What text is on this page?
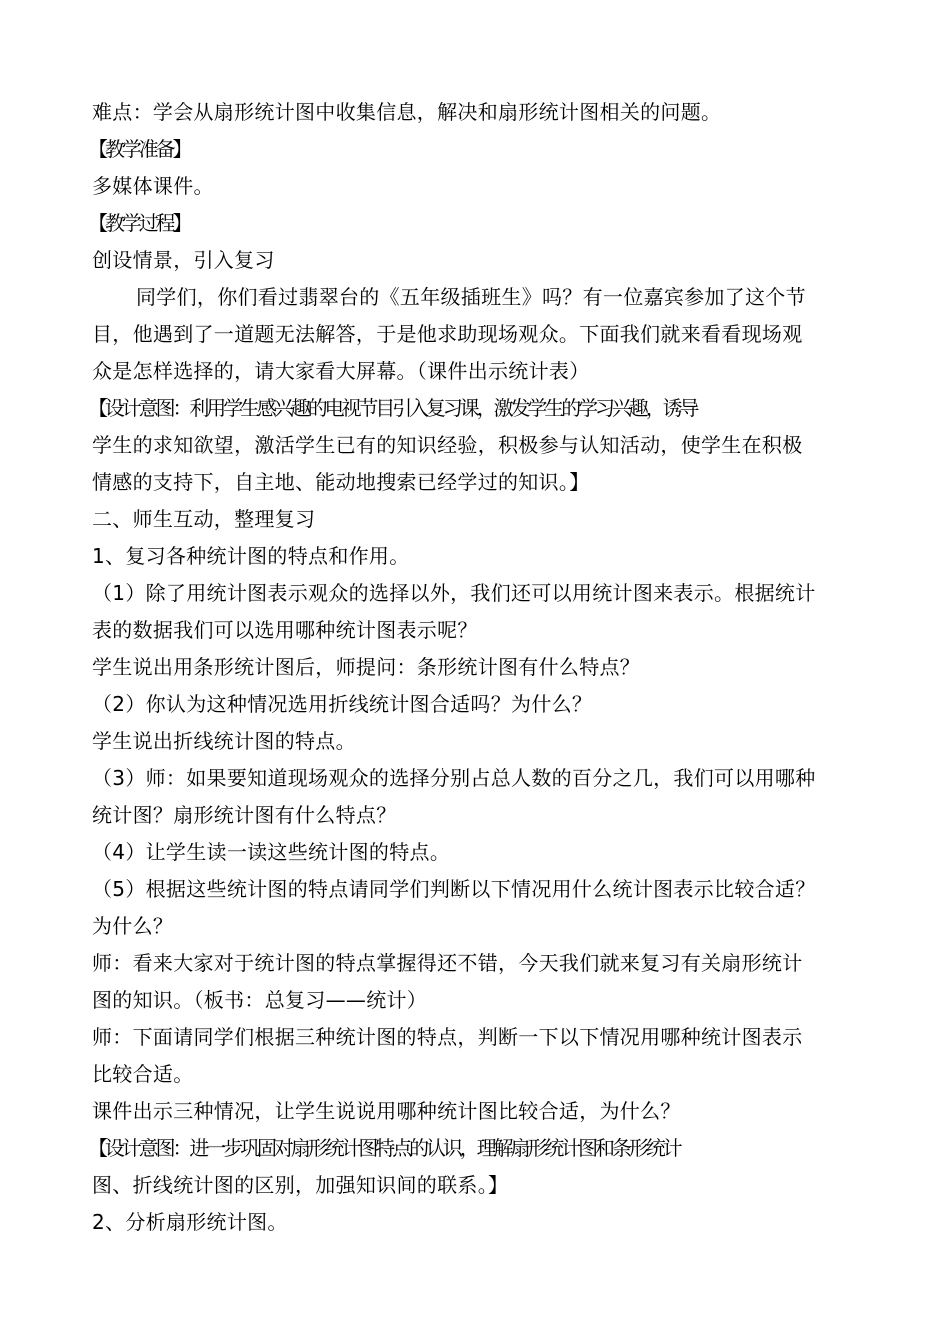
难点：学会从扇形统计图中收集信息，解决和扇形统计图相关的问题。
【教学准备】
多媒体课件。
【教学过程】
创设情景，引入复习
同学们，你们看过翡翠台的《五年级插班生》吗？有一位嘉宾参加了这个节
目，他遇到了一道题无法解答，于是他求助现场观众。下面我们就来看看现场观
众是怎样选择的，请大家看大屏幕。（课件出示统计表）
【设计意图：利用学生感兴趣的电视节目引入复习课，激发学生的学习兴趣，诱导
学生的求知欲望，激活学生已有的知识经验，积极参与认知活动，使学生在积极
情感的支持下，自主地、能动地搜索已经学过的知识。】
二、师生互动，整理复习
1、复习各种统计图的特点和作用。
（1）除了用统计图表示观众的选择以外，我们还可以用统计图来表示。根据统计
表的数据我们可以选用哪种统计图表示呢？
学生说出用条形统计图后，师提问：条形统计图有什么特点？
（2）你认为这种情况选用折线统计图合适吗？为什么？
学生说出折线统计图的特点。
（3）师：如果要知道现场观众的选择分别占总人数的百分之几，我们可以用哪种
统计图？扇形统计图有什么特点？
（4）让学生读一读这些统计图的特点。
（5）根据这些统计图的特点请同学们判断以下情况用什么统计图表示比较合适？
为什么？
师：看来大家对于统计图的特点掌握得还不错，今天我们就来复习有关扇形统计
图的知识。（板书：总复习——统计）
师：下面请同学们根据三种统计图的特点，判断一下以下情况用哪种统计图表示
比较合适。
课件出示三种情况，让学生说说用哪种统计图比较合适，为什么？
【设计意图：进一步巩固对扇形统计图特点的认识，理解扇形统计图和条形统计
图、折线统计图的区别，加强知识间的联系。】
2、分析扇形统计图。
